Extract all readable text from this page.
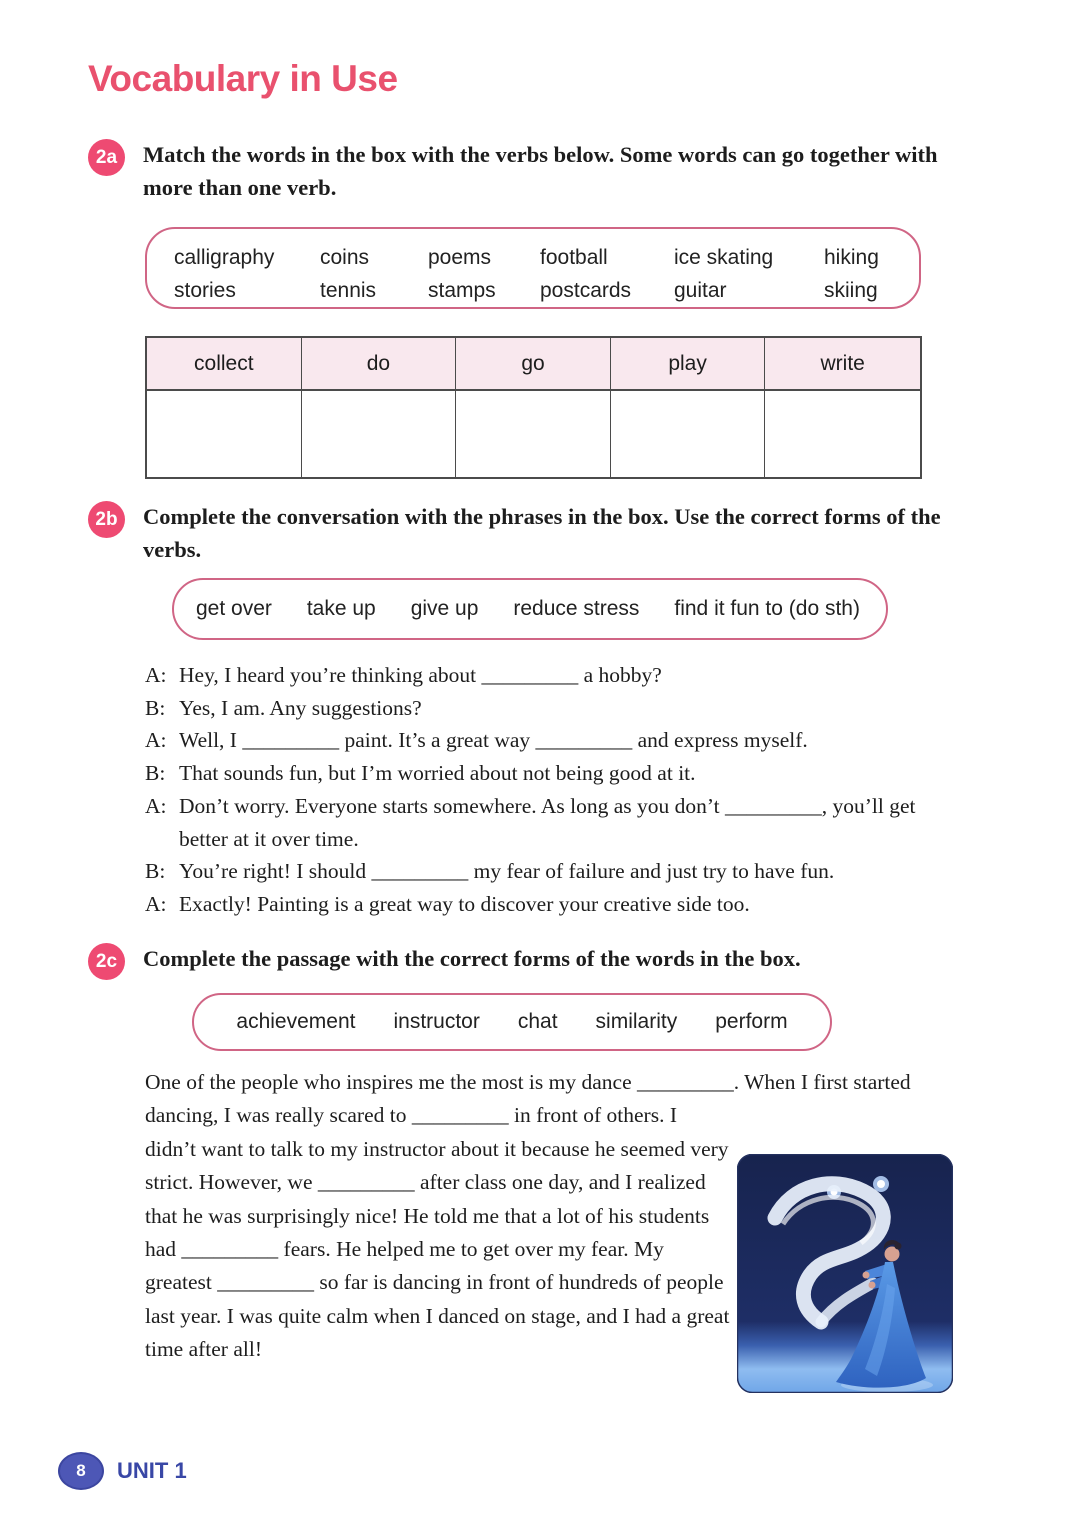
Vocabulary in Use
2a	Match the words in the box with the verbs below. Some words can go together with more than one verb.

calligraphy	coins	poems	football	ice skating	hiking
stories	tennis	stamps	postcards	guitar	skiing
collect	do	go	play	write
2b	Complete the conversation with the phrases in the box. Use the correct forms of the verbs.

get over take up give up reduce stress find it fun to (do sth)
A: Hey, I heard you’re thinking about _________ a hobby?
B: Yes, I am. Any suggestions?
A: Well, I _________ paint. It’s a great way _________ and express myself.
B: That sounds fun, but I’m worried about not being good at it.
A: Don’t worry. Everyone starts somewhere. As long as you don’t _________, you’ll get better at it over time.
B: You’re right! I should _________ my fear of failure and just try to have fun.
A: Exactly! Painting is a great way to discover your creative side too.
2c	Complete the passage with the correct forms of the words in the box.

achievement instructor chat similarity perform

One of the people who inspires me the most is my dance _________. When I first started dancing, I was really scared to _________ in front of others. I

didn’t want to talk to my instructor about it because he seemed very strict. However, we _________ after class one day, and I realized that he was surprisingly nice! He told me that a lot of his students had _________ fears. He helped me to get over my fear. My greatest _________ so far is dancing in front of hundreds of people last year. I was quite calm when I danced on stage, and I had a great time after all!

8 UNIT 1
